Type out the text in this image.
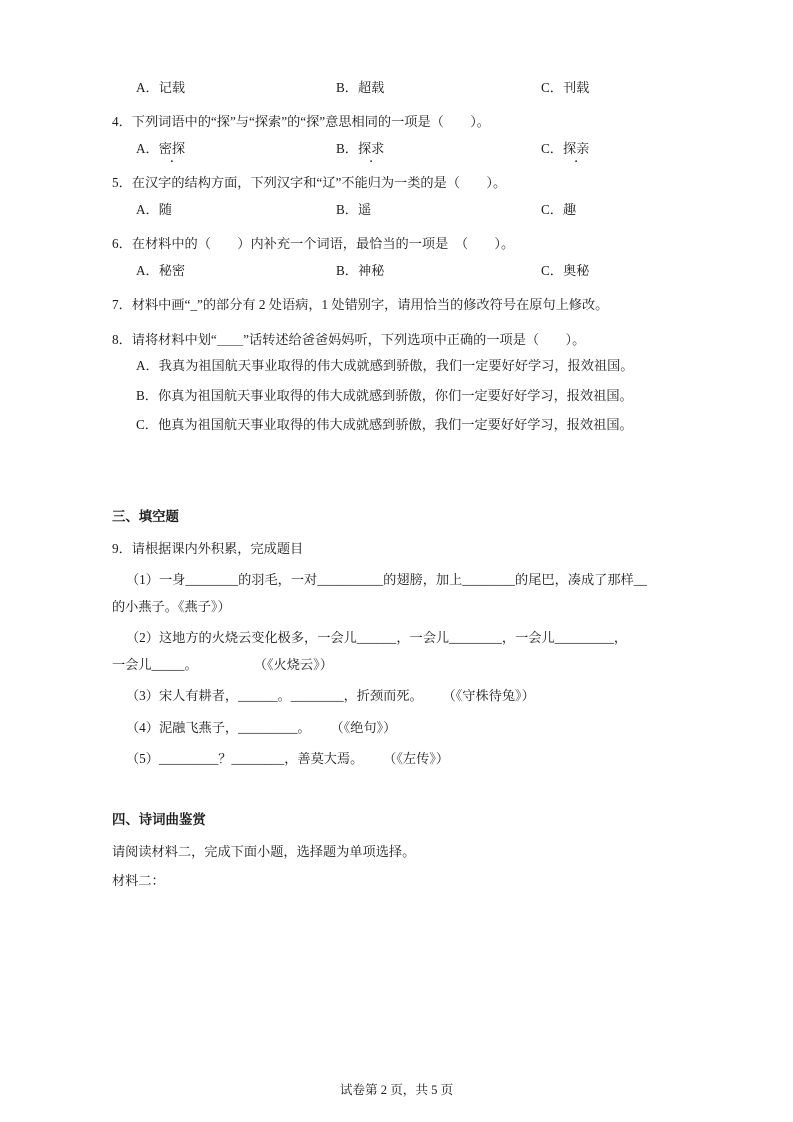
A．记载	B．超载	C．刊载

4．下列词语中的“探”与“探索”的“探”意思相同的一项是（        ）。

A．密探	B．探求	C．探亲

5．在汉字的结构方面，下列汉字和“辽”不能归为一类的是（        ）。

A．随	B．遥	C．趣

6．在材料中的（        ）内补充一个词语，最恰当的一项是  （        ）。

A．秘密	B．神秘	C．奥秘

7．材料中画“_”的部分有 2 处语病，1 处错别字，请用恰当的修改符号在原句上修改。

8．请将材料中划“＿＿”话转述给爸爸妈妈听，下列选项中正确的一项是（        ）。

A．我真为祖国航天事业取得的伟大成就感到骄傲，我们一定要好好学习，报效祖国。

B．你真为祖国航天事业取得的伟大成就感到骄傲，你们一定要好好学习，报效祖国。

C．他真为祖国航天事业取得的伟大成就感到骄傲，我们一定要好好学习，报效祖国。

三、填空题

9．请根据课内外积累，完成题目

（1）一身________的羽毛，一对__________的翅膀，加上________的尾巴，凑成了那样__

的小燕子。《燕子》）

（2）这地方的火烧云变化极多，一会儿______，一会儿________，一会儿_________，

一会儿_____。                 （《火烧云》）

（3）宋人有耕者，______。________，折颈而死。      （《守株待兔》）

（4）泥融飞燕子，_________。      （《绝句》）

（5）_________？________，善莫大焉。      （《左传》）

四、诗词曲鉴赏

请阅读材料二，完成下面小题，选择题为单项选择。

材料二：

试卷第 2 页，共 5 页
